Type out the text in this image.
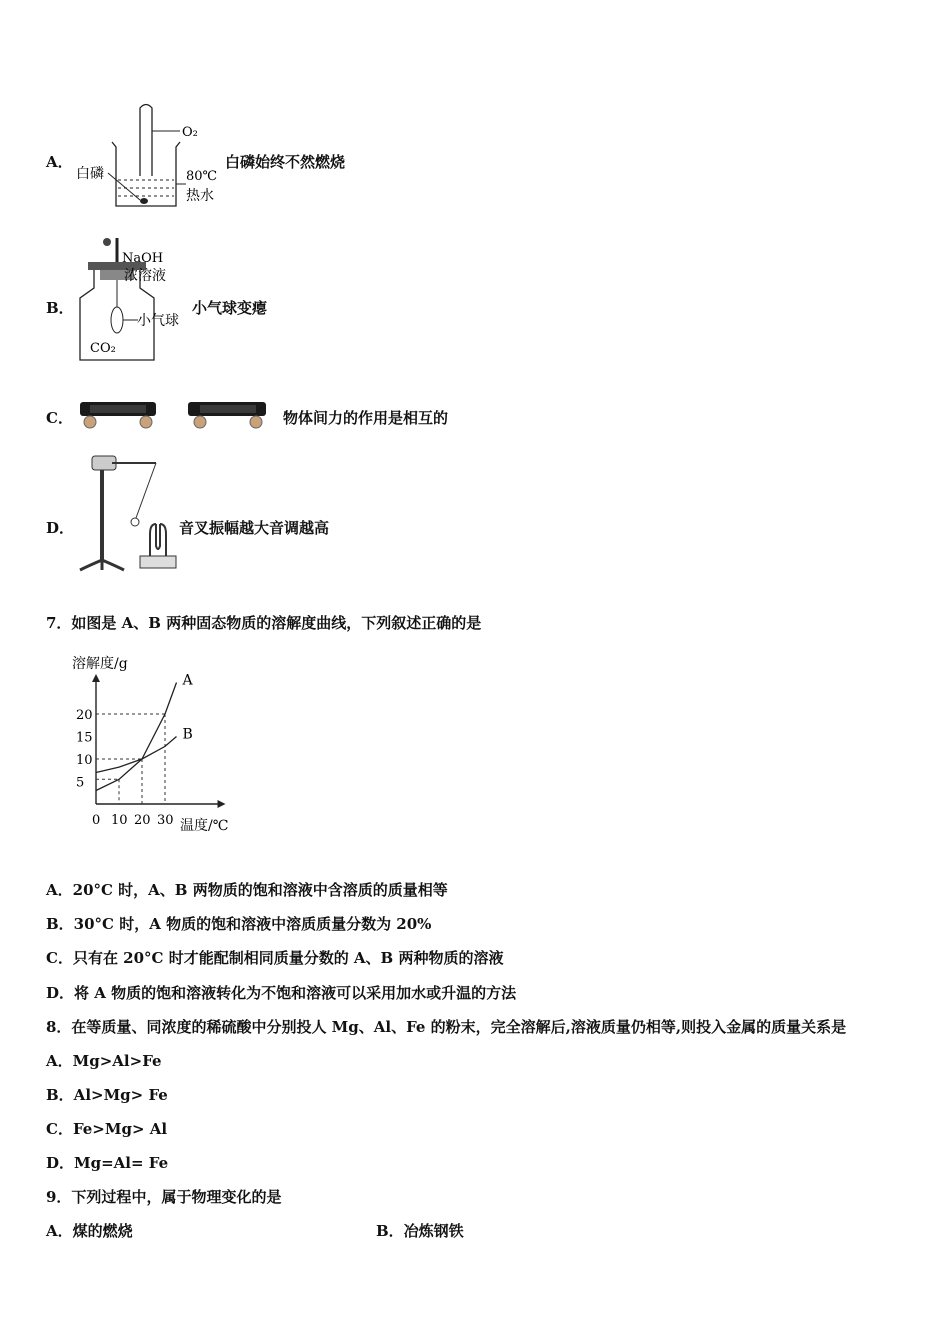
A．
O₂
白磷	80℃
热水
白磷始终不然燃烧
B．
NaOH
浓溶液
小气球
CO₂
小气球变瘪
C．	物体间力的作用是相互的
D．	音叉振幅越大音调越高
7．如图是 A、B 两种固态物质的溶解度曲线，下列叙述正确的是
溶解度/g
温度/℃
5
10
15
20
0 10 20 30
A
B
A．20°C 时，A、B 两物质的饱和溶液中含溶质的质量相等
B．30°C 时，A 物质的饱和溶液中溶质质量分数为 20%
C．只有在 20°C 时才能配制相同质量分数的 A、B 两种物质的溶液
D．将 A 物质的饱和溶液转化为不饱和溶液可以采用加水或升温的方法
8．在等质量、同浓度的稀硫酸中分别投人 Mg、Al、Fe 的粉末，完全溶解后,溶液质量仍相等,则投入金属的质量关系是
A．Mg>Al>Fe
B．Al>Mg> Fe
C．Fe>Mg> Al
D．Mg=Al= Fe
9．下列过程中，属于物理变化的是
A．煤的燃烧	B．冶炼钢铁
